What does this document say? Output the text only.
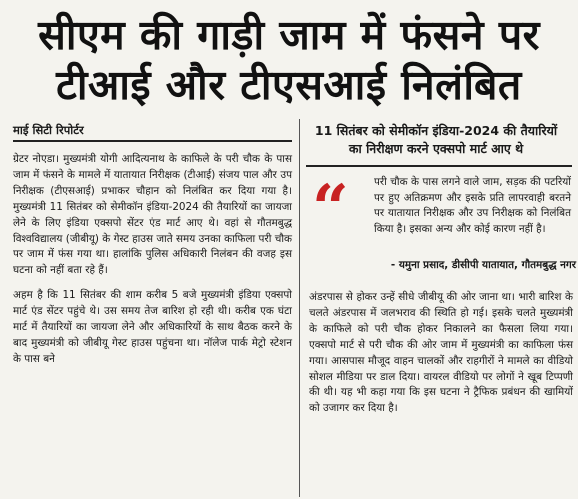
सीएम की गाड़ी जाम में फंसने पर
टीआई और टीएसआई निलंबित
माई सिटी रिपोर्टर	11 सितंबर को सेमीकॉन इंडिया-2024 की तैयारियों
का निरीक्षण करने एक्सपो मार्ट आए थे

ग्रेटर नोएडा। मुख्यमंत्री योगी आदित्यनाथ के काफिले के परी चौक के पास जाम में फंसने के मामले में यातायात निरीक्षक (टीआई) संजय पाल और उप निरीक्षक (टीएसआई) प्रभाकर चौहान को निलंबित कर दिया गया है। मुख्यमंत्री 11 सितंबर को सेमीकॉन इंडिया-2024 की तैयारियों का जायजा लेने के लिए इंडिया एक्सपो सेंटर एंड मार्ट आए थे। वहां से गौतमबुद्ध विश्वविद्यालय (जीबीयू) के गेस्ट हाउस जाते समय उनका काफिला परी चौक पर जाम में फंस गया था। हालांकि पुलिस अधिकारी निलंबन की वजह इस घटना को नहीं बता रहे हैं।

अहम है कि 11 सितंबर की शाम करीब 5 बजे मुख्यमंत्री इंडिया एक्सपो मार्ट एंड सेंटर पहुंचे थे। उस समय तेज बारिश हो रही थी। करीब एक घंटा मार्ट में तैयारियों का जायजा लेने और अधिकारियों के साथ बैठक करने के बाद मुख्यमंत्री को जीबीयू गेस्ट हाउस पहुंचना था। नॉलेज पार्क मेट्रो स्टेशन के पास बने

“ परी चौक के पास लगने वाले जाम, सड़क की पटरियों पर हुए अतिक्रमण और इसके प्रति लापरवाही बरतने पर यातायात निरीक्षक और उप निरीक्षक को निलंबित किया है। इसका अन्य और कोई कारण नहीं है।
- यमुना प्रसाद, डीसीपी यातायात, गौतमबुद्ध नगर

अंडरपास से होकर उन्हें सीधे जीबीयू की ओर जाना था। भारी बारिश के चलते अंडरपास में जलभराव की स्थिति हो गई। इसके चलते मुख्यमंत्री के काफिले को परी चौक होकर निकालने का फैसला लिया गया। एक्सपो मार्ट से परी चौक की ओर जाम में मुख्यमंत्री का काफिला फंस गया। आसपास मौजूद वाहन चालकों और राहगीरों ने मामले का वीडियो सोशल मीडिया पर डाल दिया। वायरल वीडियो पर लोगों ने खूब टिप्पणी की थी। यह भी कहा गया कि इस घटना ने ट्रैफिक प्रबंधन की खामियों को उजागर कर दिया है।
